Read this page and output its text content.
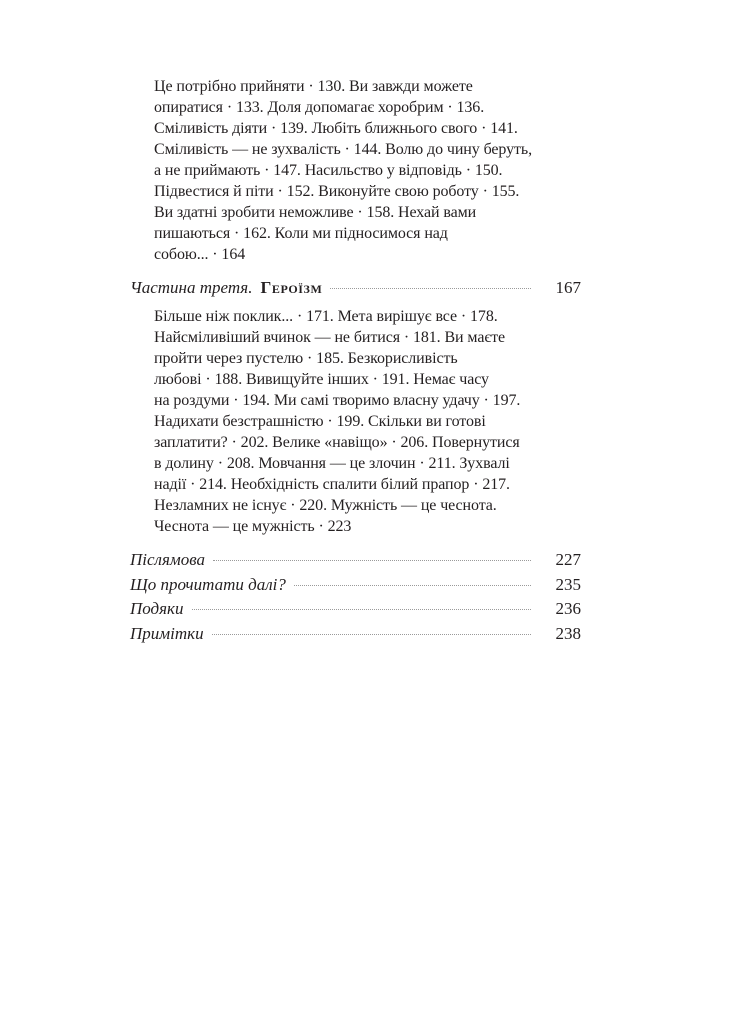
Це потрібно прийняти · 130. Ви завжди можете
опиратися · 133. Доля допомагає хоробрим · 136.
Сміливість діяти · 139. Любіть ближнього свого · 141.
Сміливість — не зухвалість · 144. Волю до чину беруть,
а не приймають · 147. Насильство у відповідь · 150.
Підвестися й піти · 152. Виконуйте свою роботу · 155.
Ви здатні зробити неможливе · 158. Нехай вами
пишаються · 162. Коли ми підносимося над
собою... · 164
Частина третя. Героїзм	167
Більше ніж поклик... · 171. Мета вирішує все · 178.
Найсміливіший вчинок — не битися · 181. Ви маєте
пройти через пустелю · 185. Безкорисливість
любові · 188. Вивищуйте інших · 191. Немає часу
на роздуми · 194. Ми самі творимо власну удачу · 197.
Надихати безстрашністю · 199. Скільки ви готові
заплатити? · 202. Велике «навіщо» · 206. Повернутися
в долину · 208. Мовчання — це злочин · 211. Зухвалі
надії · 214. Необхідність спалити білий прапор · 217.
Незламних не існує · 220. Мужність — це чеснота.
Чеснота — це мужність · 223
Післямова	227
Що прочитати далі?	235
Подяки	236
Примітки	238
